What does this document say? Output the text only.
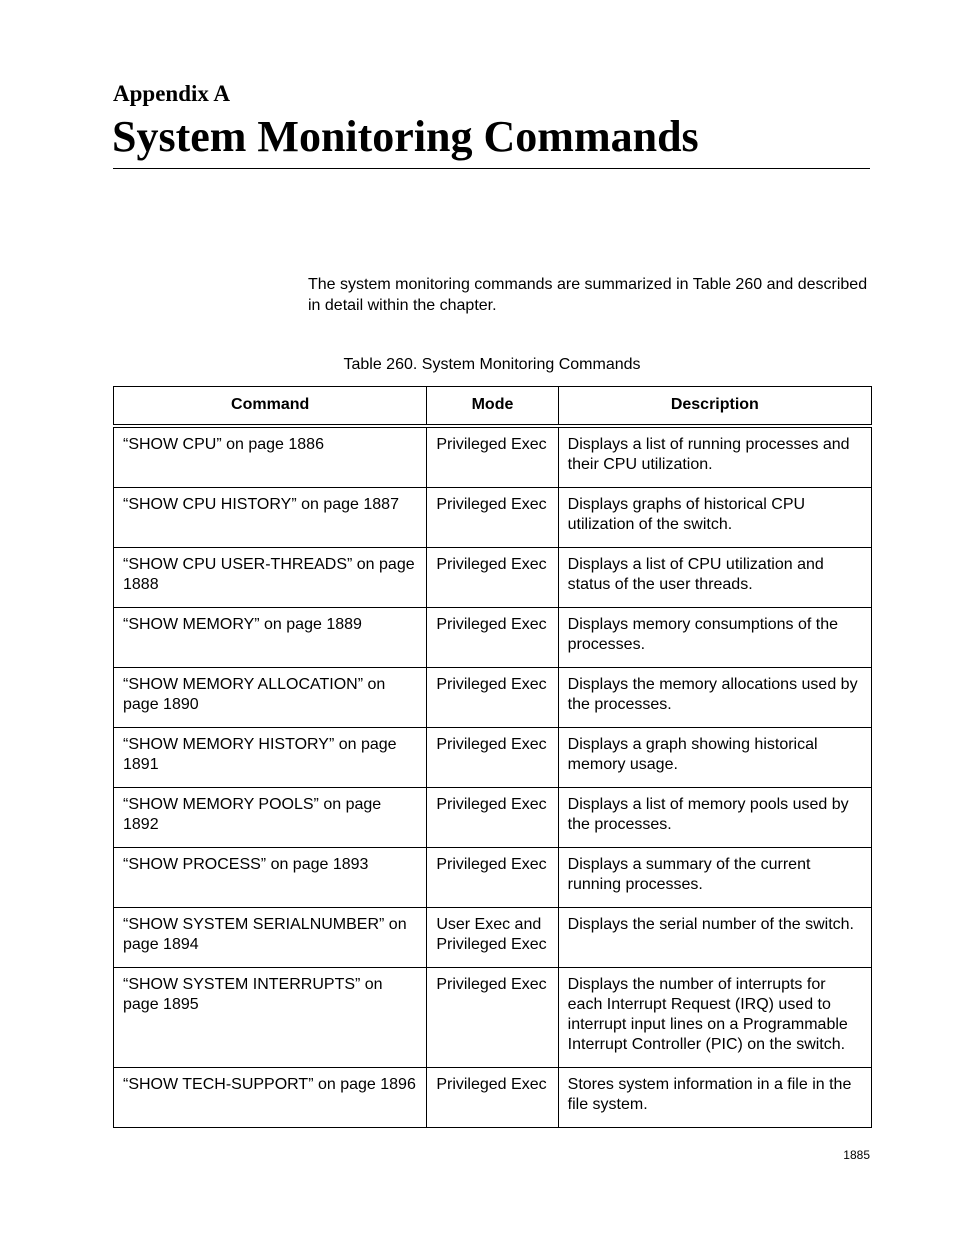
Appendix A
System Monitoring Commands

The system monitoring commands are summarized in Table 260 and described in detail within the chapter.

Table 260. System Monitoring Commands
Command	Mode	Description
“SHOW CPU” on page 1886	Privileged Exec	Displays a list of running processes and their CPU utilization.
“SHOW CPU HISTORY” on page 1887	Privileged Exec	Displays graphs of historical CPU utilization of the switch.
“SHOW CPU USER-THREADS” on page 1888	Privileged Exec	Displays a list of CPU utilization and status of the user threads.
“SHOW MEMORY” on page 1889	Privileged Exec	Displays memory consumptions of the processes.
“SHOW MEMORY ALLOCATION” on page 1890	Privileged Exec	Displays the memory allocations used by the processes.
“SHOW MEMORY HISTORY” on page 1891	Privileged Exec	Displays a graph showing historical memory usage.
“SHOW MEMORY POOLS” on page 1892	Privileged Exec	Displays a list of memory pools used by the processes.
“SHOW PROCESS” on page 1893	Privileged Exec	Displays a summary of the current running processes.
“SHOW SYSTEM SERIALNUMBER” on page 1894	User Exec and Privileged Exec	Displays the serial number of the switch.
“SHOW SYSTEM INTERRUPTS” on page 1895	Privileged Exec	Displays the number of interrupts for each Interrupt Request (IRQ) used to interrupt input lines on a Programmable Interrupt Controller (PIC) on the switch.
“SHOW TECH-SUPPORT” on page 1896	Privileged Exec	Stores system information in a file in the file system.
1885
